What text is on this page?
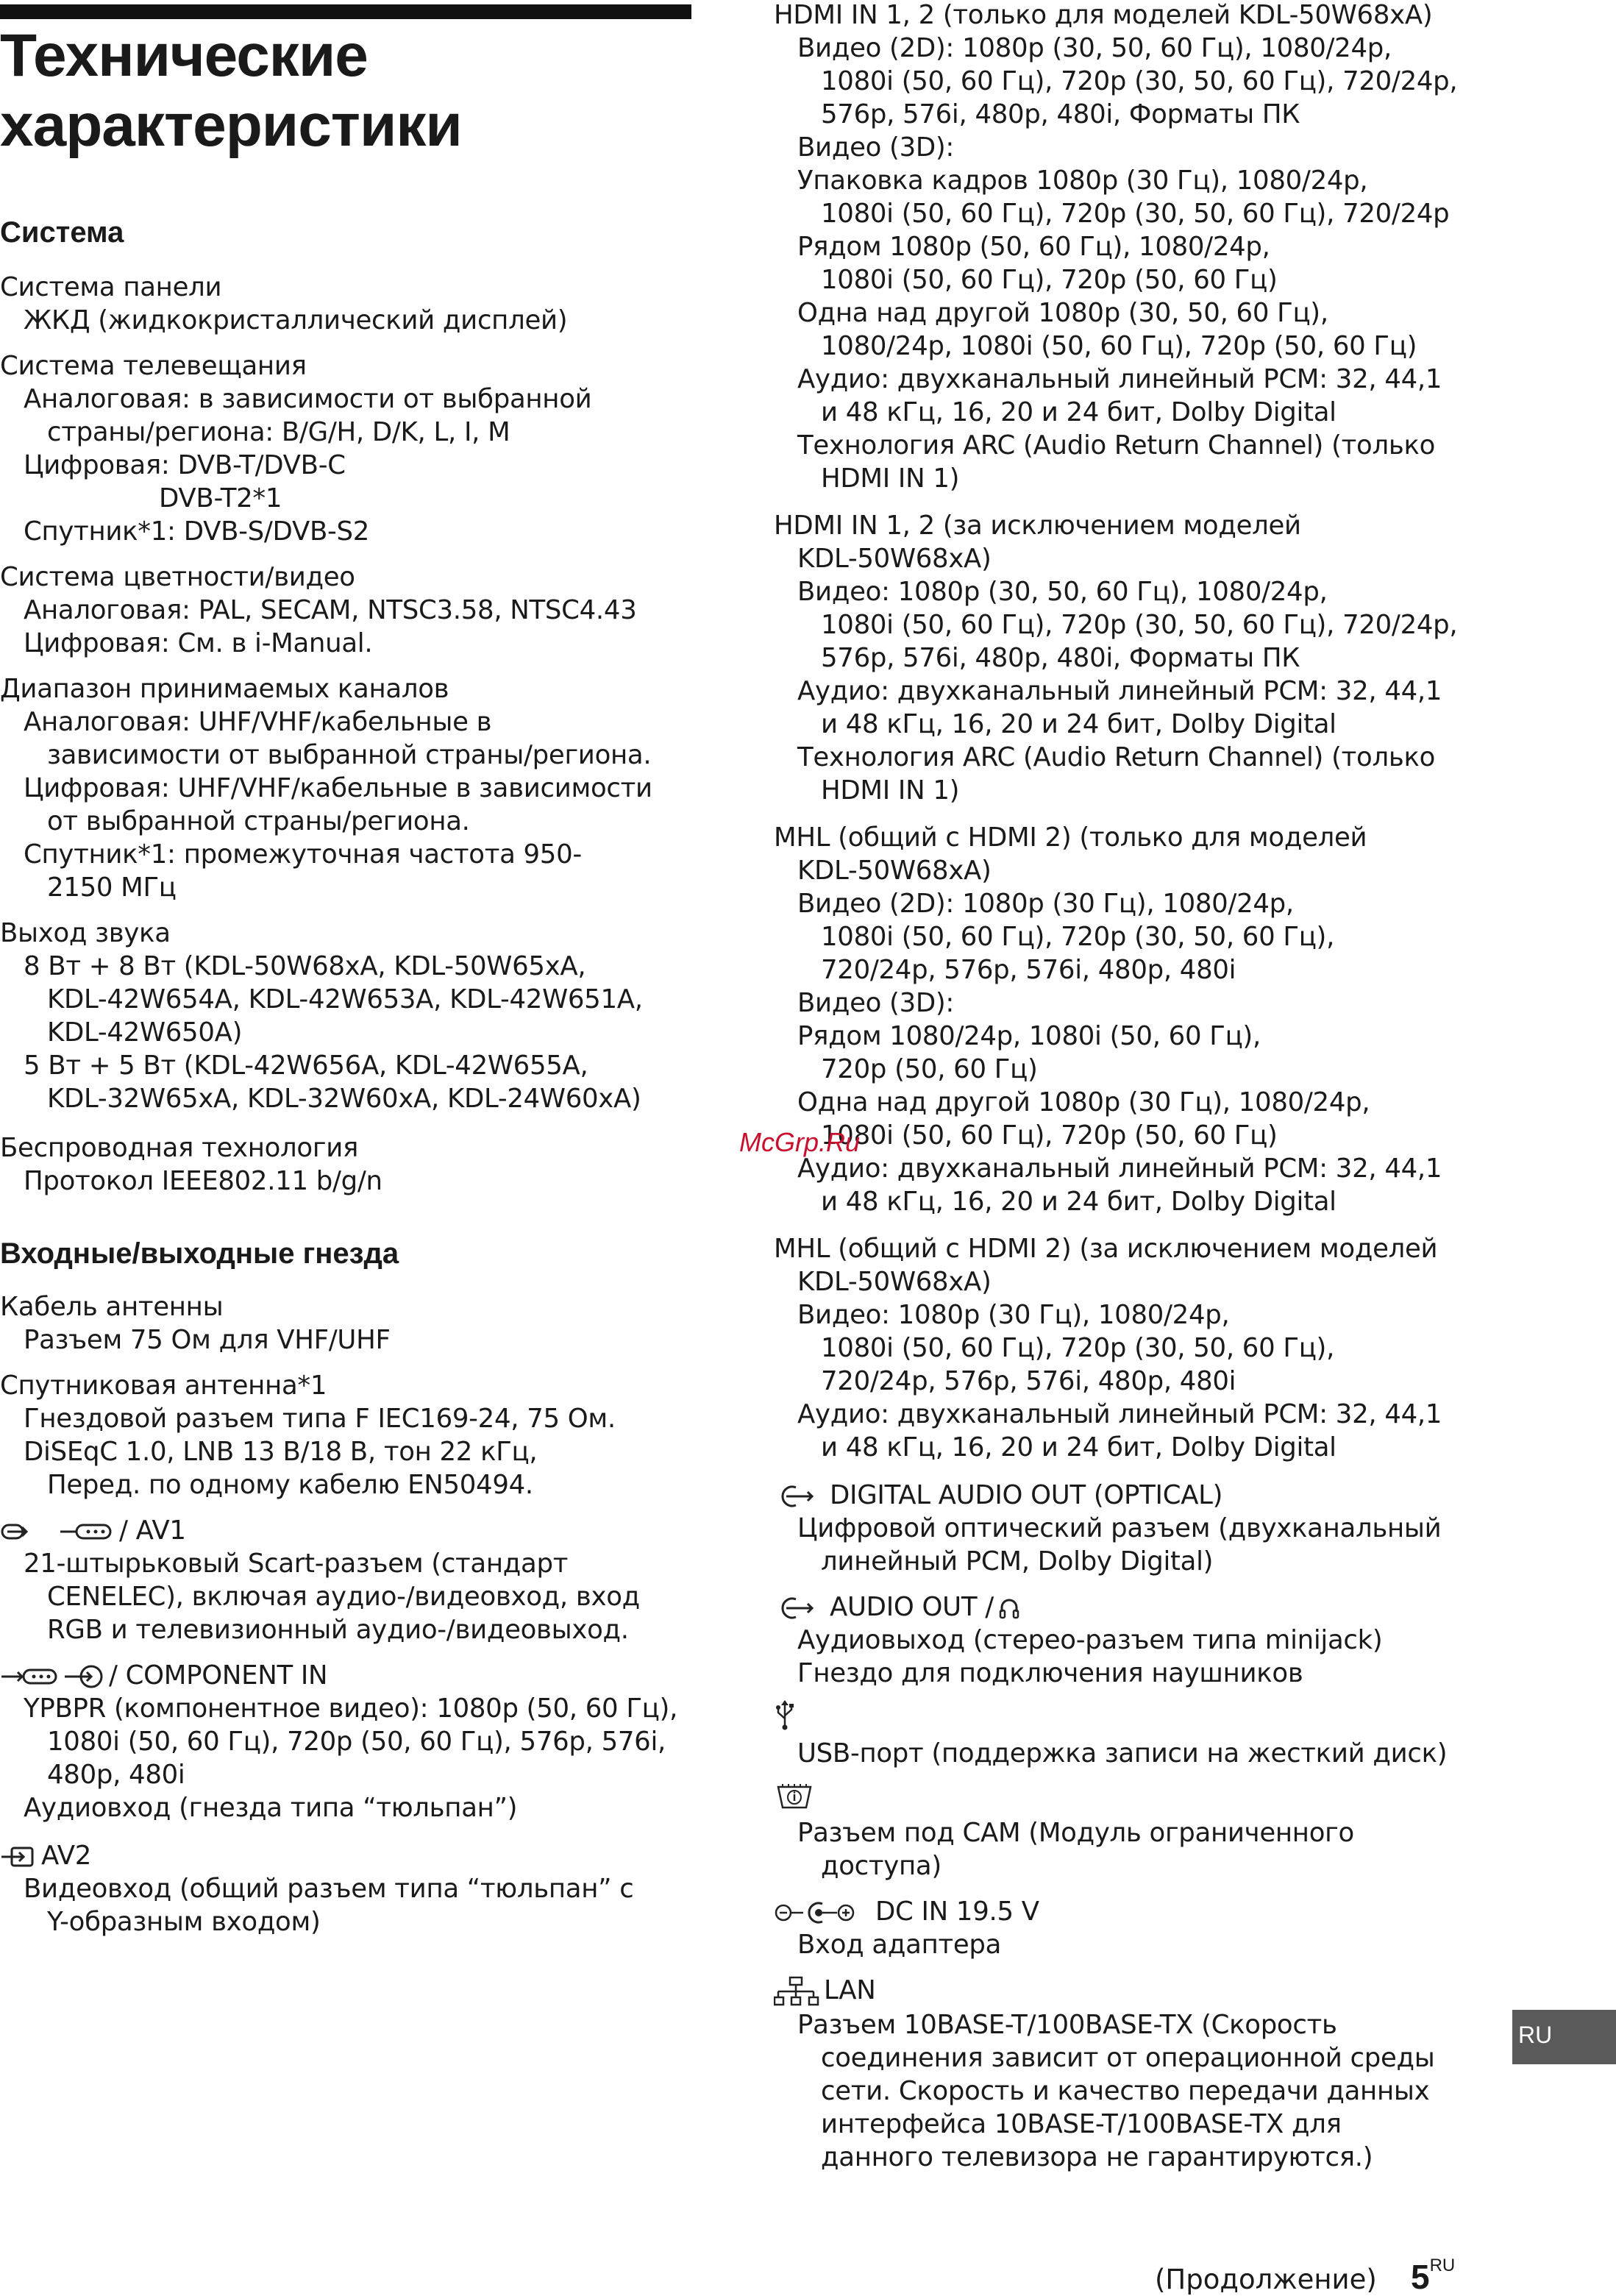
Технические
характеристики
Система
Система панели
ЖКД (жидкокристаллический дисплей)
Система телевещания
Аналоговая: в зависимости от выбранной
страны/региона: B/G/H, D/K, L, I, M
Цифровая: DVB-T/DVB-C
DVB-T2*1
Спутник*1: DVB-S/DVB-S2
Система цветности/видео
Аналоговая: PAL, SECAM, NTSC3.58, NTSC4.43
Цифровая: См. в i-Manual.
Диапазон принимаемых каналов
Аналоговая: UHF/VHF/кабельные в
зависимости от выбранной страны/региона.
Цифровая: UHF/VHF/кабельные в зависимости
от выбранной страны/региона.
Спутник*1: промежуточная частота 950-
2150 МГц
Выход звука
8 Вт + 8 Вт (KDL-50W68xA, KDL-50W65xA,
KDL-42W654A, KDL-42W653A, KDL-42W651A,
KDL-42W650A)
5 Вт + 5 Вт (KDL-42W656A, KDL-42W655A,
KDL-32W65xA, KDL-32W60xA, KDL-24W60xA)
Беспроводная технология
Протокол IEEE802.11 b/g/n
Входные/выходные гнезда
Кабель антенны
Разъем 75 Ом для VHF/UHF
Спутниковая антенна*1
Гнездовой разъем типа F IEC169-24, 75 Ом.
DiSEqC 1.0, LNB 13 B/18 B, тон 22 кГц,
Перед. по одному кабелю EN50494.
/ AV1
21-штырьковый Scart-разъем (стандарт
CENELEC), включая аудио-/видеовход, вход
RGB и телевизионный аудио-/видеовыход.
/ COMPONENT IN
YPBPR (компонентное видео): 1080p (50, 60 Гц),
1080i (50, 60 Гц), 720p (50, 60 Гц), 576p, 576i,
480p, 480i
Аудиовход (гнезда типа “тюльпан”)
AV2
Видеовход (общий разъем типа “тюльпан” с
Y-образным входом)
HDMI IN 1, 2 (только для моделей KDL-50W68xA)
Видео (2D): 1080p (30, 50, 60 Гц), 1080/24p,
1080i (50, 60 Гц), 720p (30, 50, 60 Гц), 720/24p,
576p, 576i, 480p, 480i, Форматы ПК
Видео (3D):
Упаковка кадров 1080p (30 Гц), 1080/24p,
1080i (50, 60 Гц), 720p (30, 50, 60 Гц), 720/24p
Рядом 1080p (50, 60 Гц), 1080/24p,
1080i (50, 60 Гц), 720p (50, 60 Гц)
Одна над другой 1080p (30, 50, 60 Гц),
1080/24p, 1080i (50, 60 Гц), 720p (50, 60 Гц)
Аудио: двухканальный линейный PCM: 32, 44,1
и 48 кГц, 16, 20 и 24 бит, Dolby Digital
Технология ARC (Audio Return Channel) (только
HDMI IN 1)
HDMI IN 1, 2 (за исключением моделей
KDL-50W68xA)
Видео: 1080p (30, 50, 60 Гц), 1080/24p,
1080i (50, 60 Гц), 720p (30, 50, 60 Гц), 720/24p,
576p, 576i, 480p, 480i, Форматы ПК
Аудио: двухканальный линейный PCM: 32, 44,1
и 48 кГц, 16, 20 и 24 бит, Dolby Digital
Технология ARC (Audio Return Channel) (только
HDMI IN 1)
MHL (общий с HDMI 2) (только для моделей
KDL-50W68xA)
Видео (2D): 1080p (30 Гц), 1080/24p,
1080i (50, 60 Гц), 720p (30, 50, 60 Гц),
720/24p, 576p, 576i, 480p, 480i
Видео (3D):
Рядом 1080/24p, 1080i (50, 60 Гц),
720p (50, 60 Гц)
Одна над другой 1080p (30 Гц), 1080/24p,
1080i (50, 60 Гц), 720p (50, 60 Гц)
Аудио: двухканальный линейный PCM: 32, 44,1
и 48 кГц, 16, 20 и 24 бит, Dolby Digital
MHL (общий с HDMI 2) (за исключением моделей
KDL-50W68xA)
Видео: 1080p (30 Гц), 1080/24p,
1080i (50, 60 Гц), 720p (30, 50, 60 Гц),
720/24p, 576p, 576i, 480p, 480i
Аудио: двухканальный линейный PCM: 32, 44,1
и 48 кГц, 16, 20 и 24 бит, Dolby Digital
DIGITAL AUDIO OUT (OPTICAL)
Цифровой оптический разъем (двухканальный
линейный PCM, Dolby Digital)
AUDIO OUT /
Аудиовыход (стерео-разъем типа minijack)
Гнездо для подключения наушников
USB-порт (поддержка записи на жесткий диск)
Разъем под CAM (Модуль ограниченного
доступа)
DC IN 19.5 V
Вход адаптера
LAN
Разъем 10BASE-T/100BASE-TX (Скорость
соединения зависит от операционной среды
сети. Скорость и качество передачи данных
интерфейса 10BASE-T/100BASE-TX для
данного телевизора не гарантируются.)
McGrp.Ru
RU
(Продолжение) $5^{RU}$
